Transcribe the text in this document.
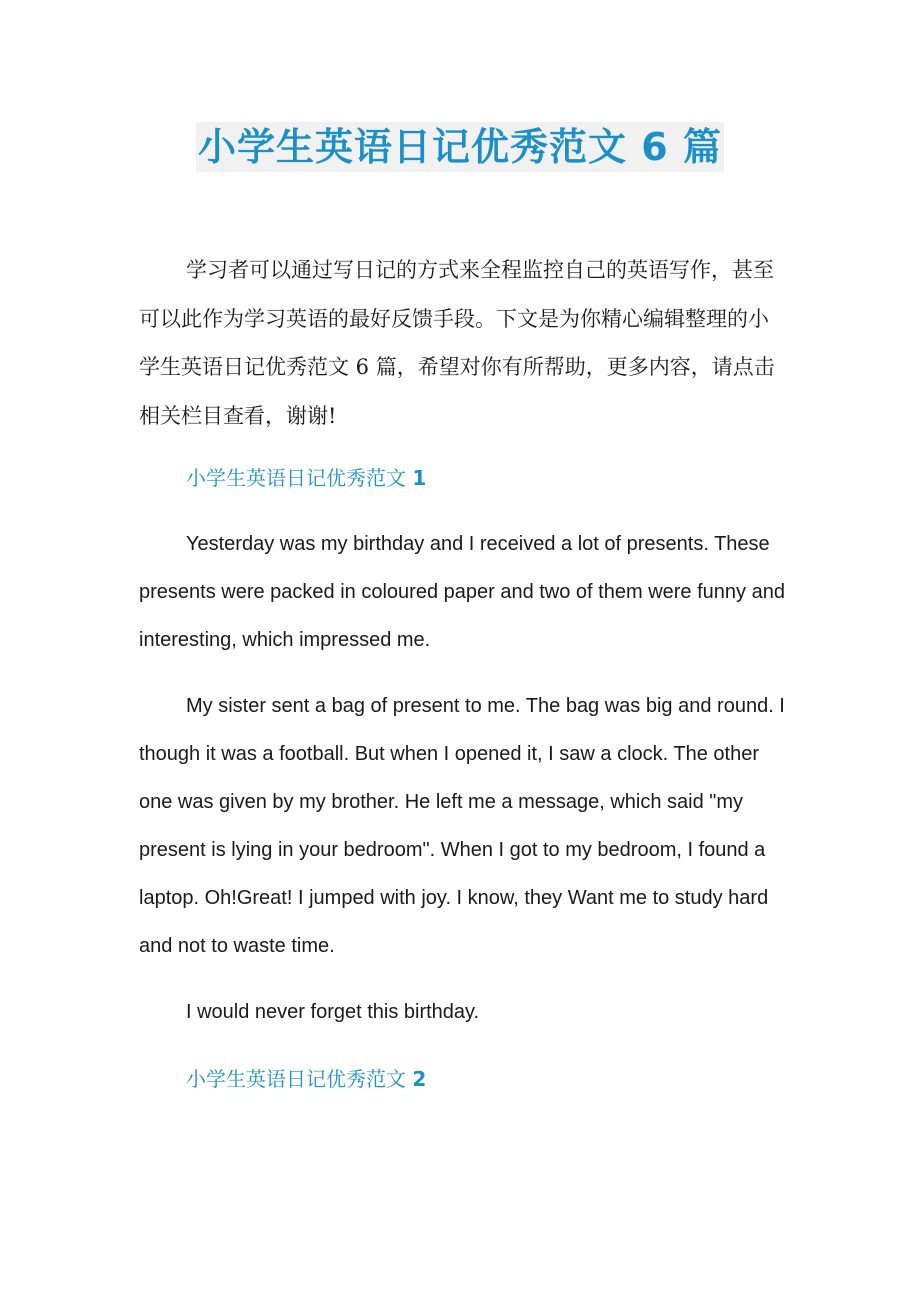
小学生英语日记优秀范文 6 篇

学习者可以通过写日记的方式来全程监控自己的英语写作，甚至可以此作为学习英语的最好反馈手段。下文是为你精心编辑整理的小学生英语日记优秀范文 6 篇，希望对你有所帮助，更多内容，请点击相关栏目查看，谢谢!

小学生英语日记优秀范文 1

Yesterday was my birthday and I received a lot of presents. These presents were packed in coloured paper and two of them were funny and interesting, which impressed me.

My sister sent a bag of present to me. The bag was big and round. I though it was a football. But when I opened it, I saw a clock. The other one was given by my brother. He left me a message, which said "my present is lying in your bedroom". When I got to my bedroom, I found a laptop. Oh!Great! I jumped with joy. I know, they Want me to study hard and not to waste time.

I would never forget this birthday.

小学生英语日记优秀范文 2
